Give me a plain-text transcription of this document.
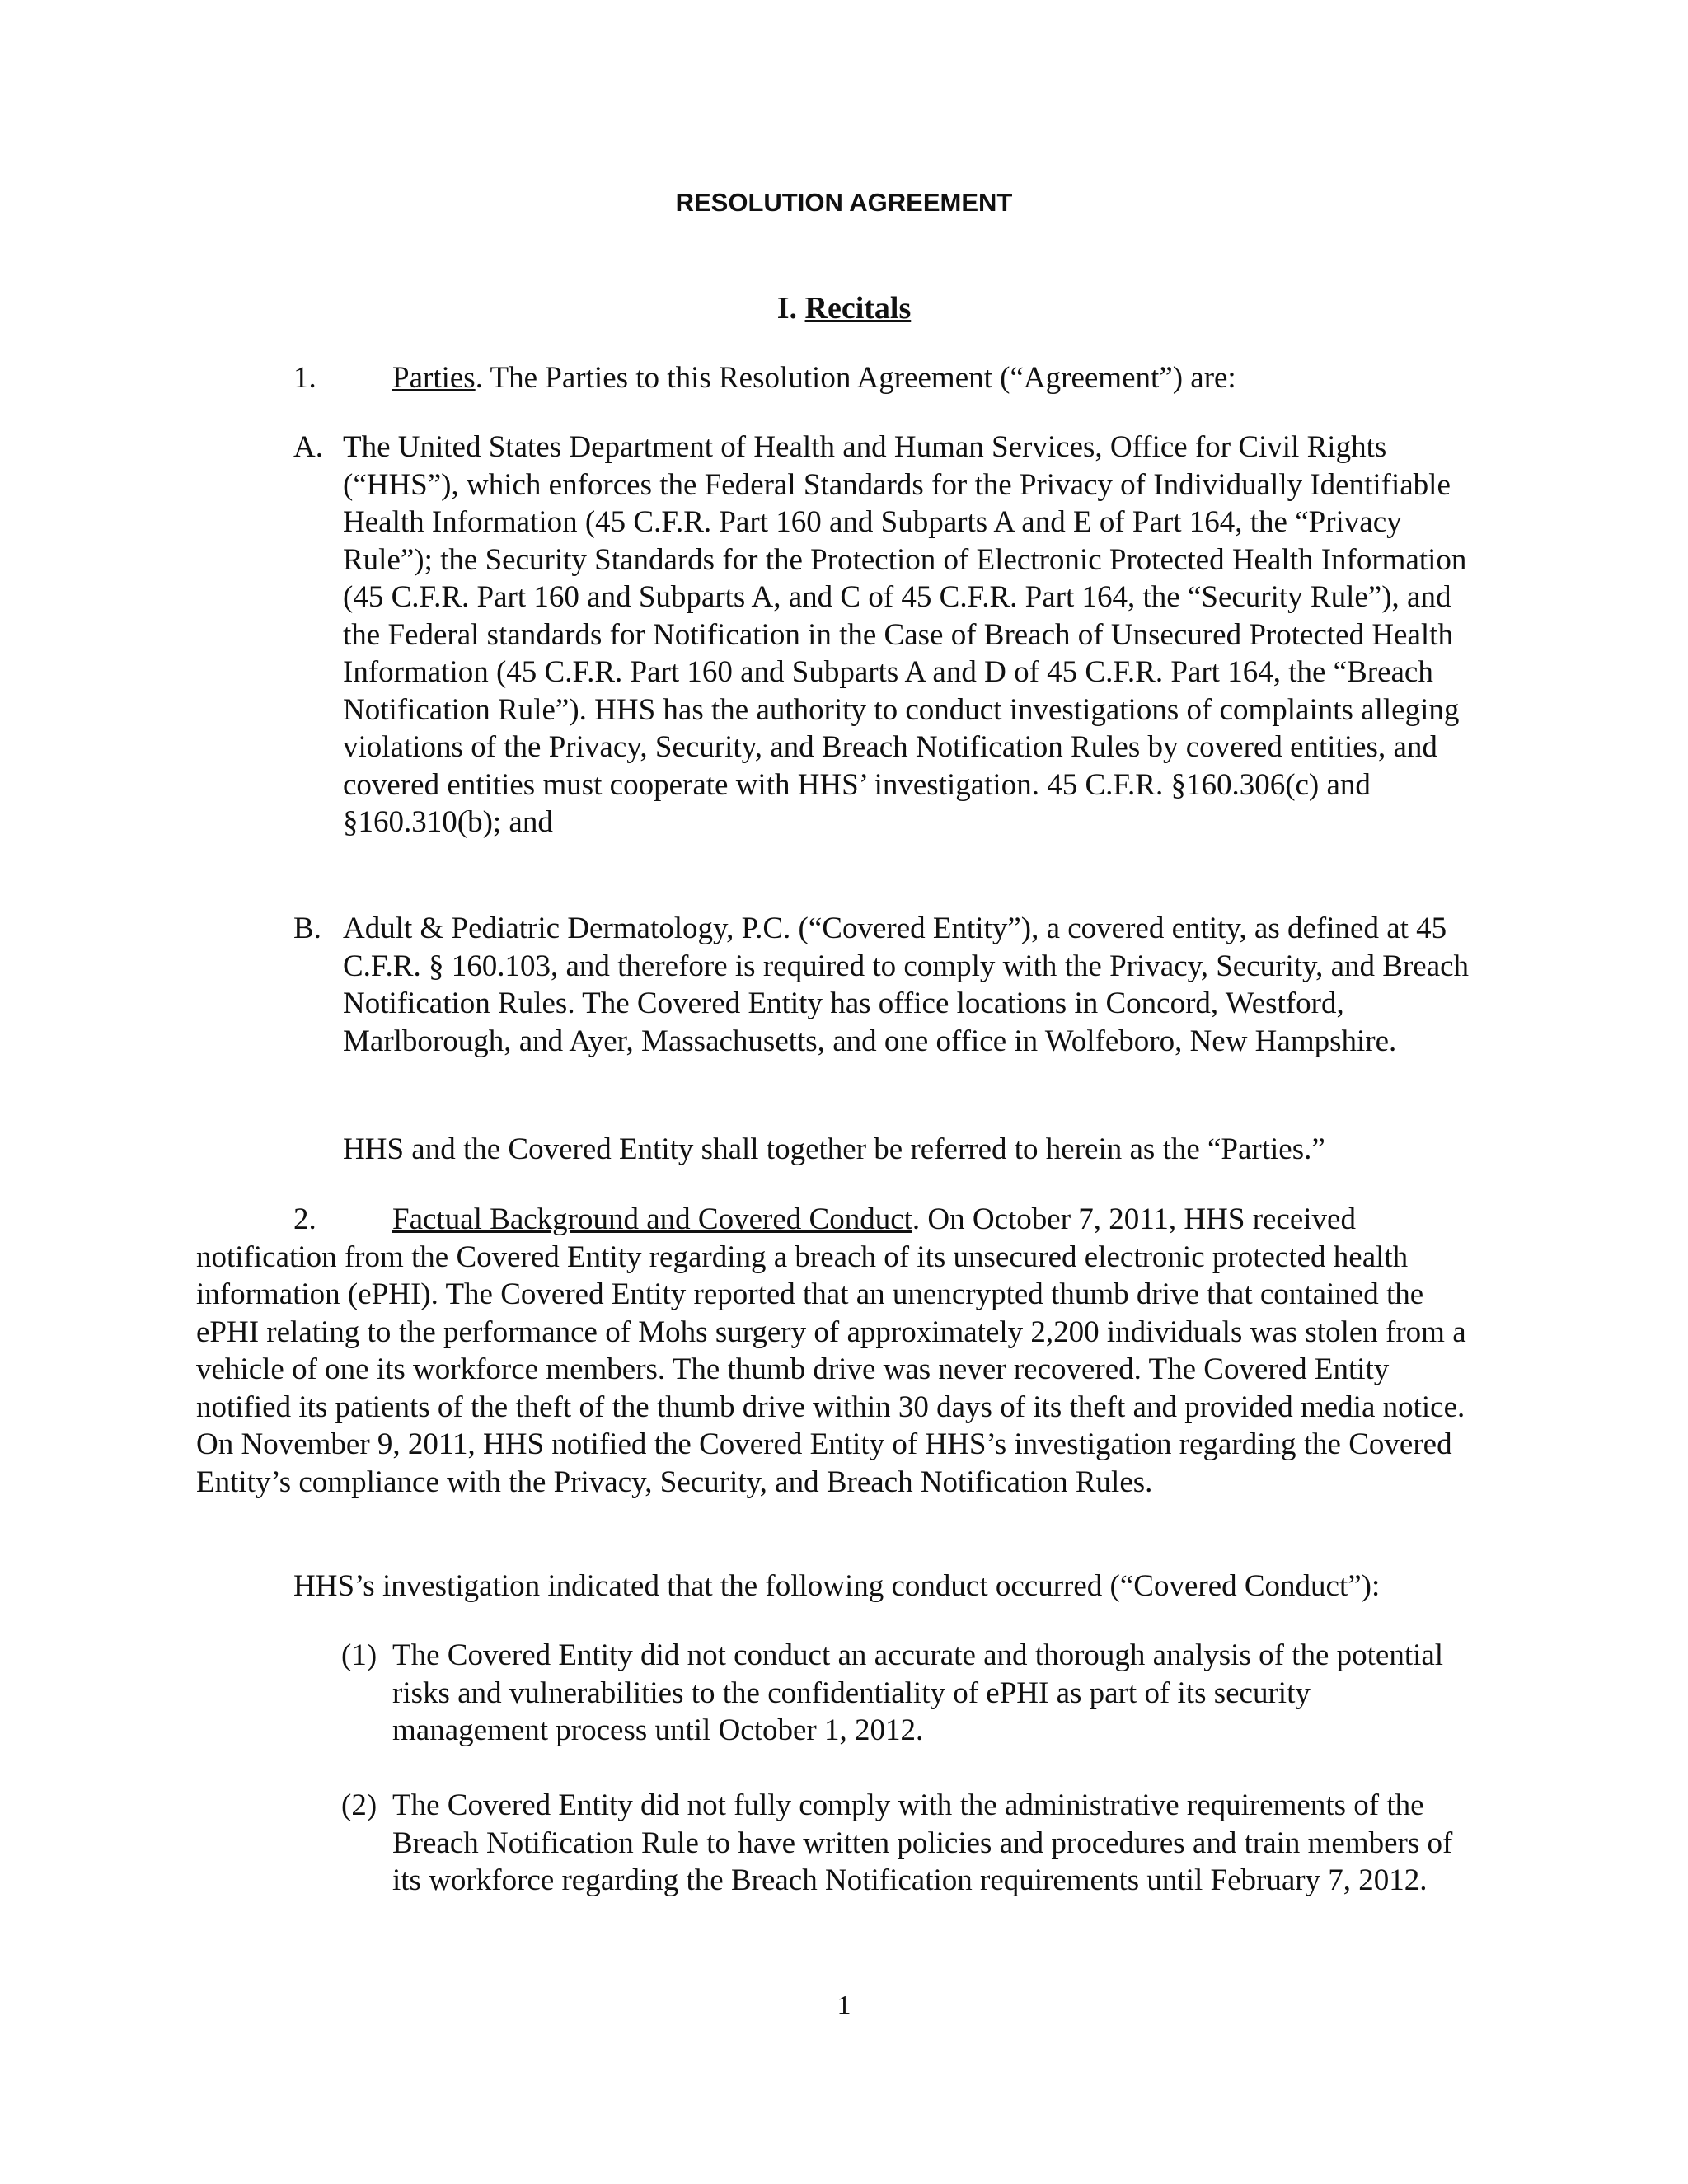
RESOLUTION AGREEMENT
I. Recitals
1. Parties. The Parties to this Resolution Agreement (“Agreement”) are:
A. The United States Department of Health and Human Services, Office for Civil Rights (“HHS”), which enforces the Federal Standards for the Privacy of Individually Identifiable Health Information (45 C.F.R. Part 160 and Subparts A and E of Part 164, the “Privacy Rule”); the Security Standards for the Protection of Electronic Protected Health Information (45 C.F.R. Part 160 and Subparts A, and C of 45 C.F.R. Part 164, the “Security Rule”), and the Federal standards for Notification in the Case of Breach of Unsecured Protected Health Information (45 C.F.R. Part 160 and Subparts A and D of 45 C.F.R. Part 164, the “Breach Notification Rule”). HHS has the authority to conduct investigations of complaints alleging violations of the Privacy, Security, and Breach Notification Rules by covered entities, and covered entities must cooperate with HHS’ investigation. 45 C.F.R. §160.306(c) and §160.310(b); and
B. Adult & Pediatric Dermatology, P.C. (“Covered Entity”), a covered entity, as defined at 45 C.F.R. § 160.103, and therefore is required to comply with the Privacy, Security, and Breach Notification Rules. The Covered Entity has office locations in Concord, Westford, Marlborough, and Ayer, Massachusetts, and one office in Wolfeboro, New Hampshire.
HHS and the Covered Entity shall together be referred to herein as the “Parties.”
2.	Factual Background and Covered Conduct. On October 7, 2011, HHS received notification from the Covered Entity regarding a breach of its unsecured electronic protected health information (ePHI). The Covered Entity reported that an unencrypted thumb drive that contained the ePHI relating to the performance of Mohs surgery of approximately 2,200 individuals was stolen from a vehicle of one its workforce members. The thumb drive was never recovered. The Covered Entity notified its patients of the theft of the thumb drive within 30 days of its theft and provided media notice. On November 9, 2011, HHS notified the Covered Entity of HHS’s investigation regarding the Covered Entity’s compliance with the Privacy, Security, and Breach Notification Rules.
HHS’s investigation indicated that the following conduct occurred (“Covered Conduct”):
(1) The Covered Entity did not conduct an accurate and thorough analysis of the potential risks and vulnerabilities to the confidentiality of ePHI as part of its security management process until October 1, 2012.
(2) The Covered Entity did not fully comply with the administrative requirements of the Breach Notification Rule to have written policies and procedures and train members of its workforce regarding the Breach Notification requirements until February 7, 2012.
1
